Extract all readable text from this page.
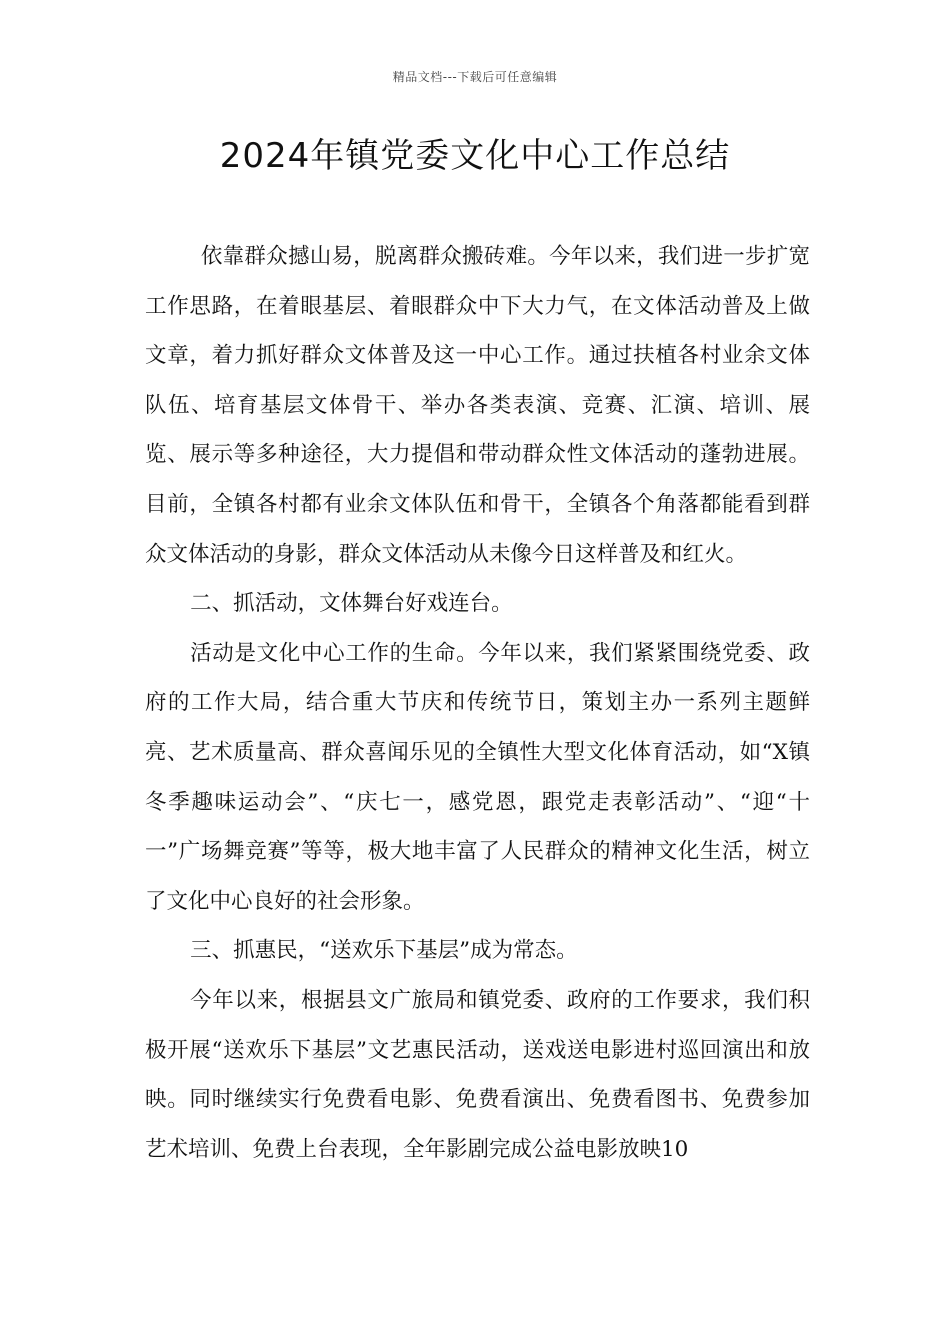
精品文档---下载后可任意编辑
2024年镇党委文化中心工作总结

依靠群众撼山易，脱离群众搬砖难。今年以来，我们进一步扩宽工作思路，在着眼基层、着眼群众中下大力气，在文体活动普及上做文章，着力抓好群众文体普及这一中心工作。通过扶植各村业余文体队伍、培育基层文体骨干、举办各类表演、竞赛、汇演、培训、展览、展示等多种途径，大力提倡和带动群众性文体活动的蓬勃进展。目前，全镇各村都有业余文体队伍和骨干，全镇各个角落都能看到群众文体活动的身影，群众文体活动从未像今日这样普及和红火。

二、抓活动，文体舞台好戏连台。

活动是文化中心工作的生命。今年以来，我们紧紧围绕党委、政府的工作大局，结合重大节庆和传统节日，策划主办一系列主题鲜亮、艺术质量高、群众喜闻乐见的全镇性大型文化体育活动，如“X镇冬季趣味运动会”、“庆七一，感党恩，跟党走表彰活动”、“迎“十一”广场舞竞赛”等等，极大地丰富了人民群众的精神文化生活，树立了文化中心良好的社会形象。

三、抓惠民，“送欢乐下基层”成为常态。

今年以来，根据县文广旅局和镇党委、政府的工作要求，我们积极开展“送欢乐下基层”文艺惠民活动，送戏送电影进村巡回演出和放映。同时继续实行免费看电影、免费看演出、免费看图书、免费参加艺术培训、免费上台表现，全年影剧完成公益电影放映10
